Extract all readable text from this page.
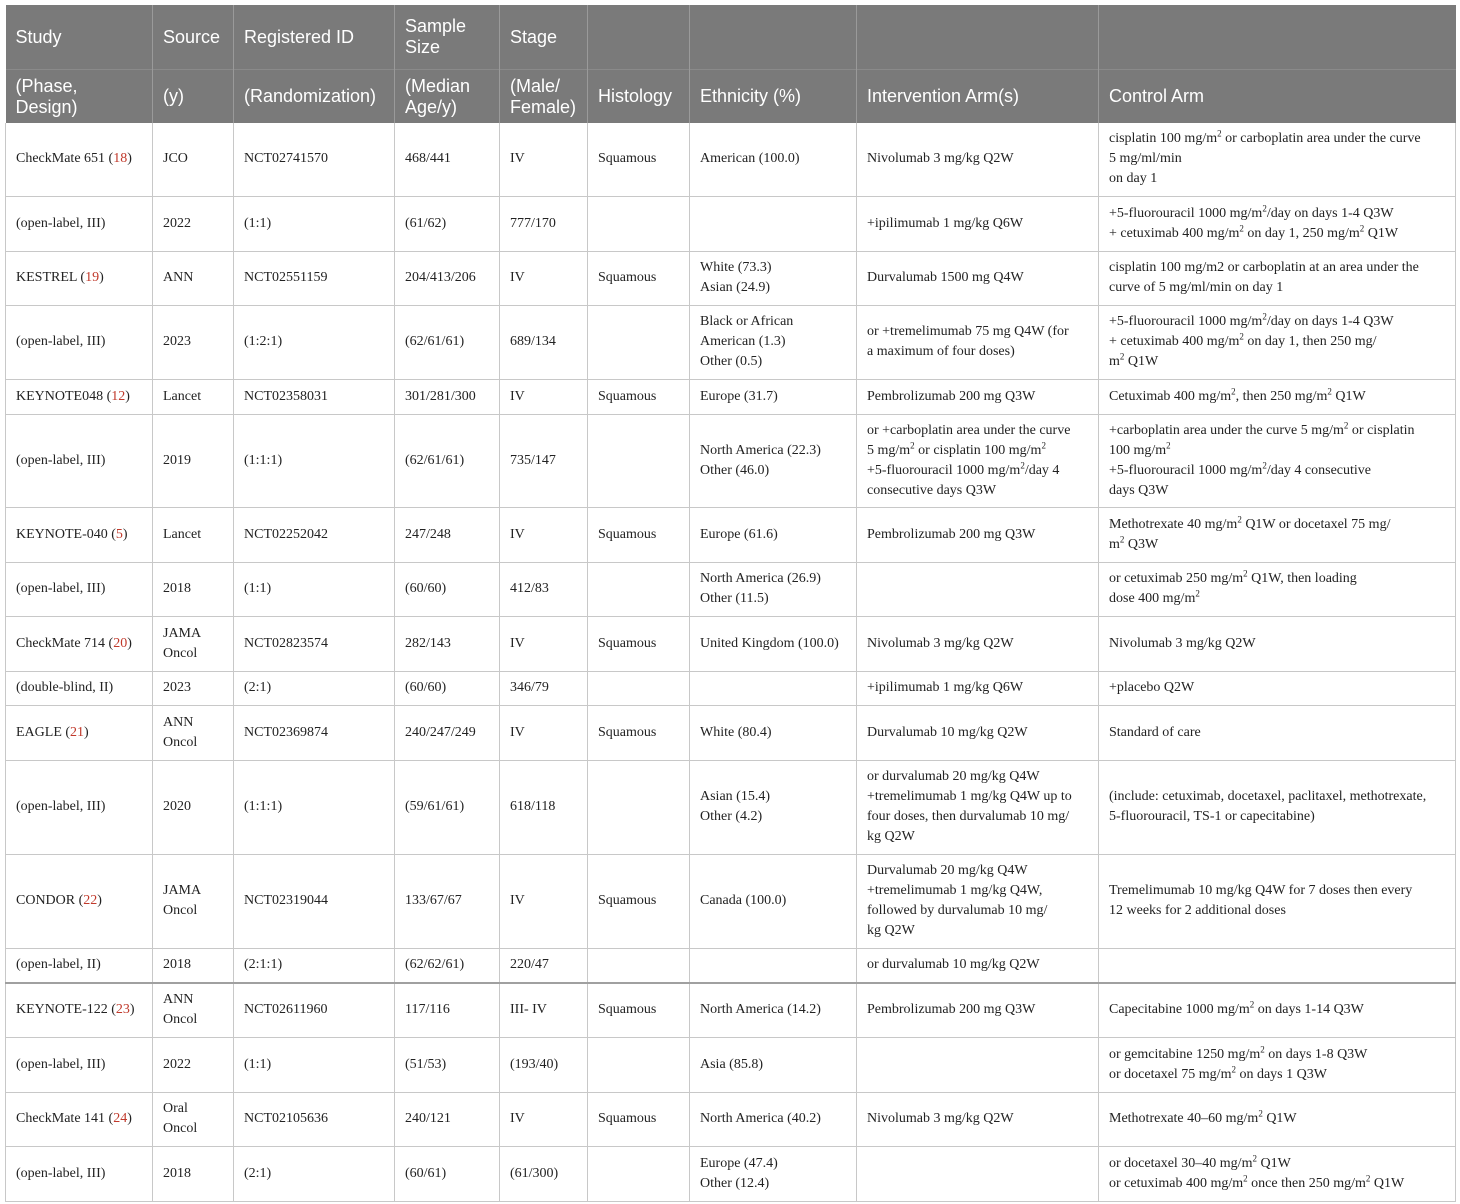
Study	Source	Registered ID	Sample Size	Stage				
(Phase, Design)	(y)	(Randomization)	(Median Age/y)	(Male/ Female)	Histology	Ethnicity (%)	Intervention Arm(s)	Control Arm
CheckMate 651 (18)	JCO	NCT02741570	468/441	IV	Squamous	American (100.0)	Nivolumab 3 mg/kg Q2W	cisplatin 100 $mg/m^2$ or carboplatin area under the curve
5 mg/ml/min
on day 1
(open-label, III)	2022	(1:1)	(61/62)	777/170			+ipilimumab 1 mg/kg Q6W	+5-fluorouracil 1000 $mg/m^2$/day on days 1-4 Q3W
+ cetuximab 400 $mg/m^2$ on day 1, 250 $mg/m^2$ Q1W
KESTREL (19)	ANN	NCT02551159	204/413/206	IV	Squamous	White (73.3)
Asian (24.9)	Durvalumab 1500 mg Q4W	cisplatin 100 mg/m2 or carboplatin at an area under the
curve of 5 mg/ml/min on day 1
(open-label, III)	2023	(1:2:1)	(62/61/61)	689/134		Black or African
American (1.3)
Other (0.5)	or +tremelimumab 75 mg Q4W (for
a maximum of four doses)	+5-fluorouracil 1000 $mg/m^2$/day on days 1-4 Q3W
+ cetuximab 400 $mg/m^2$ on day 1, then 250 mg/
$m^2$ Q1W
KEYNOTE048 (12)	Lancet	NCT02358031	301/281/300	IV	Squamous	Europe (31.7)	Pembrolizumab 200 mg Q3W	Cetuximab 400 $mg/m^2$, then 250 $mg/m^2$ Q1W
(open-label, III)	2019	(1:1:1)	(62/61/61)	735/147		North America (22.3)
Other (46.0)	or +carboplatin area under the curve
5 $mg/m^2$ or cisplatin 100 $mg/m^2$
+5-fluorouracil 1000 $mg/m^2$/day 4
consecutive days Q3W	+carboplatin area under the curve 5 $mg/m^2$ or cisplatin
100 $mg/m^2$
+5-fluorouracil 1000 $mg/m^2$/day 4 consecutive
days Q3W
KEYNOTE-040 (5)	Lancet	NCT02252042	247/248	IV	Squamous	Europe (61.6)	Pembrolizumab 200 mg Q3W	Methotrexate 40 $mg/m^2$ Q1W or docetaxel 75 mg/
$m^2$ Q3W
(open-label, III)	2018	(1:1)	(60/60)	412/83		North America (26.9)
Other (11.5)		or cetuximab 250 $mg/m^2$ Q1W, then loading
dose 400 $mg/m^2$
CheckMate 714 (20)	JAMA
Oncol	NCT02823574	282/143	IV	Squamous	United Kingdom (100.0)	Nivolumab 3 mg/kg Q2W	Nivolumab 3 mg/kg Q2W
(double-blind, II)	2023	(2:1)	(60/60)	346/79			+ipilimumab 1 mg/kg Q6W	+placebo Q2W
EAGLE (21)	ANN
Oncol	NCT02369874	240/247/249	IV	Squamous	White (80.4)	Durvalumab 10 mg/kg Q2W	Standard of care
(open-label, III)	2020	(1:1:1)	(59/61/61)	618/118		Asian (15.4)
Other (4.2)	or durvalumab 20 mg/kg Q4W
+tremelimumab 1 mg/kg Q4W up to
four doses, then durvalumab 10 mg/
kg Q2W	(include: cetuximab, docetaxel, paclitaxel, methotrexate,
5-fluorouracil, TS-1 or capecitabine)
CONDOR (22)	JAMA
Oncol	NCT02319044	133/67/67	IV	Squamous	Canada (100.0)	Durvalumab 20 mg/kg Q4W
+tremelimumab 1 mg/kg Q4W,
followed by durvalumab 10 mg/
kg Q2W	Tremelimumab 10 mg/kg Q4W for 7 doses then every
12 weeks for 2 additional doses
(open-label, II)	2018	(2:1:1)	(62/62/61)	220/47			or durvalumab 10 mg/kg Q2W	
KEYNOTE-122 (23)	ANN
Oncol	NCT02611960	117/116	III- IV	Squamous	North America (14.2)	Pembrolizumab 200 mg Q3W	Capecitabine 1000 $mg/m^2$ on days 1-14 Q3W
(open-label, III)	2022	(1:1)	(51/53)	(193/40)		Asia (85.8)		or gemcitabine 1250 $mg/m^2$ on days 1-8 Q3W
or docetaxel 75 $mg/m^2$ on days 1 Q3W
CheckMate 141 (24)	Oral
Oncol	NCT02105636	240/121	IV	Squamous	North America (40.2)	Nivolumab 3 mg/kg Q2W	Methotrexate 40–60 $mg/m^2$ Q1W
(open-label, III)	2018	(2:1)	(60/61)	(61/300)		Europe (47.4)
Other (12.4)		or docetaxel 30–40 $mg/m^2$ Q1W
or cetuximab 400 $mg/m^2$ once then 250 $mg/m^2$ Q1W
